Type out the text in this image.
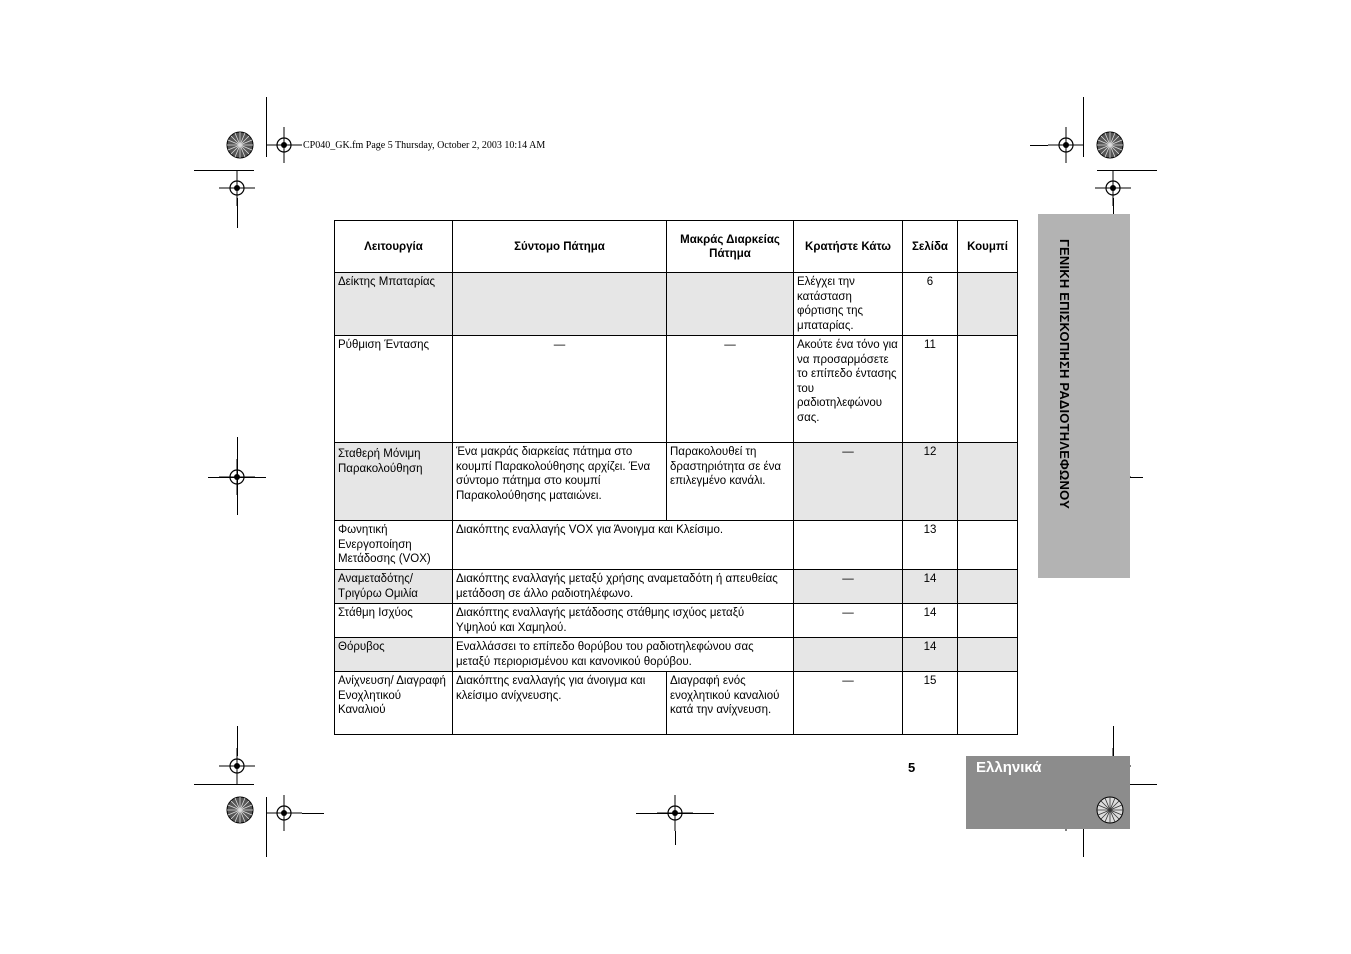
CP040_GK.fm Page 5 Thursday, October 2, 2003 10:14 AM
ΓΕΝΙΚΗ ΕΠΙΣΚΟΠΗΣΗ ΡΑΔΙΟΤΗΛΕΦΩΝΟΥ
Ελληνικά
5
Λειτουργία	Σύντομο Πάτημα	Μακράς Διαρκείας Πάτημα	Κρατήστε Κάτω	Σελίδα	Κουμπί
Δείκτης Μπαταρίας			Ελέγχει την κατάσταση φόρτισης της μπαταρίας.	6	
Ρύθμιση Έντασης	—	—	Ακούτε ένα τόνο για να προσαρμόσετε το επίπεδο έντασης του ραδιοτηλεφώνου σας.	11	
Σταθερή Μόνιμη Παρακολούθηση	Ένα μακράς διαρκείας πάτημα στο κουμπί Παρακολούθησης αρχίζει. Ένα σύντομο πάτημα στο κουμπί Παρακολούθησης ματαιώνει.	Παρακολουθεί τη δραστηριότητα σε ένα επιλεγμένο κανάλι.	—	12	
Φωνητική Ενεργοποίηση Μετάδοσης (VOX)	Διακόπτης εναλλαγής VOX για Άνοιγμα και Κλείσιμο.			13	
Αναμεταδότης/ Τριγύρω Ομιλία	Διακόπτης εναλλαγής μεταξύ χρήσης αναμεταδότη ή απευθείας μετάδοση σε άλλο ραδιοτηλέφωνο.		—	14	
Στάθμη Ισχύος	Διακόπτης εναλλαγής μετάδοσης στάθμης ισχύος μεταξύ Υψηλού και Χαμηλού.		—	14	
Θόρυβος	Εναλλάσσει το επίπεδο θορύβου του ραδιοτηλεφώνου σας μεταξύ περιορισμένου και κανονικού θορύβου.			14	
Ανίχνευση/ Διαγραφή Ενοχλητικού Καναλιού	Διακόπτης εναλλαγής για άνοιγμα και κλείσιμο ανίχνευσης.	Διαγραφή ενός ενοχλητικού καναλιού κατά την ανίχνευση.	—	15	
